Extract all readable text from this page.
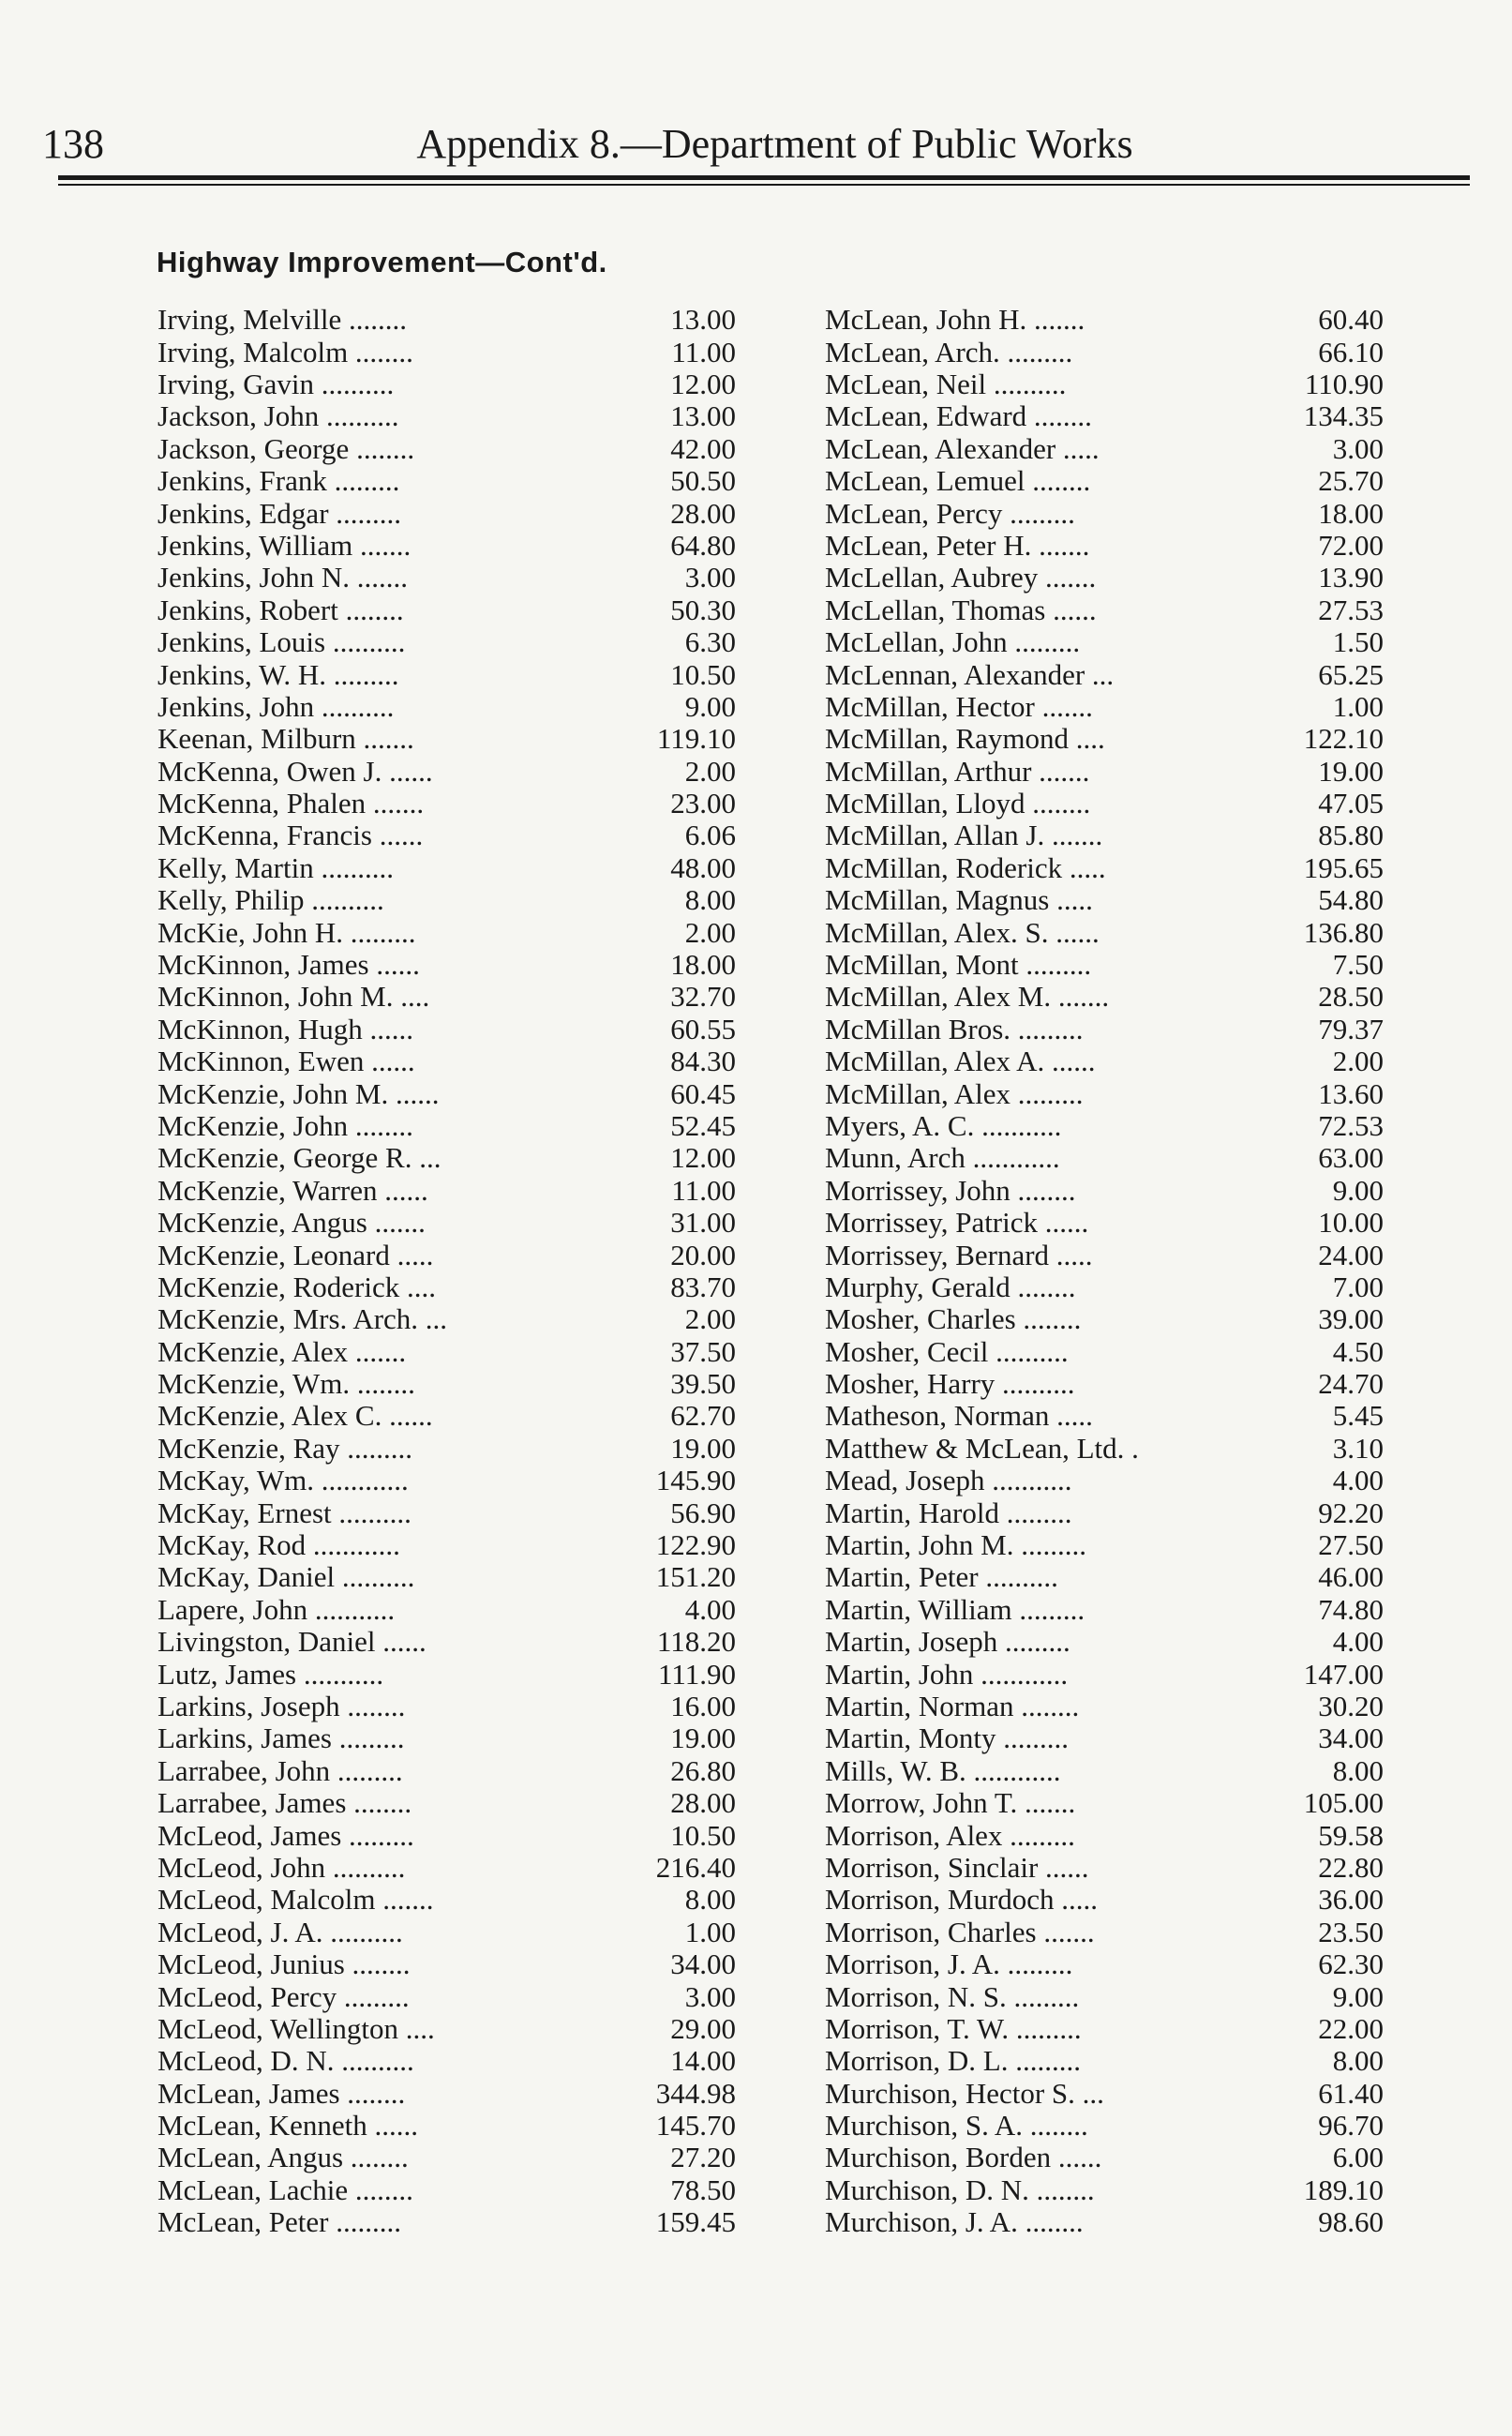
138	Appendix 8.—Department of Public Works
Highway Improvement—Cont'd.
Irving, Melville ........	13.00
Irving, Malcolm ........	11.00
Irving, Gavin ..........	12.00
Jackson, John ..........	13.00
Jackson, George ........	42.00
Jenkins, Frank .........	50.50
Jenkins, Edgar .........	28.00
Jenkins, William .......	64.80
Jenkins, John N. .......	3.00
Jenkins, Robert ........	50.30
Jenkins, Louis ..........	6.30
Jenkins, W. H. .........	10.50
Jenkins, John ..........	9.00
Keenan, Milburn .......	119.10
McKenna, Owen J. ......	2.00
McKenna, Phalen .......	23.00
McKenna, Francis ......	6.06
Kelly, Martin ..........	48.00
Kelly, Philip ..........	8.00
McKie, John H. .........	2.00
McKinnon, James ......	18.00
McKinnon, John M. ....	32.70
McKinnon, Hugh ......	60.55
McKinnon, Ewen ......	84.30
McKenzie, John M. ......	60.45
McKenzie, John ........	52.45
McKenzie, George R. ...	12.00
McKenzie, Warren ......	11.00
McKenzie, Angus .......	31.00
McKenzie, Leonard .....	20.00
McKenzie, Roderick ....	83.70
McKenzie, Mrs. Arch. ...	2.00
McKenzie, Alex .......	37.50
McKenzie, Wm. ........	39.50
McKenzie, Alex C. ......	62.70
McKenzie, Ray .........	19.00
McKay, Wm. ............	145.90
McKay, Ernest ..........	56.90
McKay, Rod ............	122.90
McKay, Daniel ..........	151.20
Lapere, John ...........	4.00
Livingston, Daniel ......	118.20
Lutz, James ...........	111.90
Larkins, Joseph ........	16.00
Larkins, James .........	19.00
Larrabee, John .........	26.80
Larrabee, James ........	28.00
McLeod, James .........	10.50
McLeod, John ..........	216.40
McLeod, Malcolm .......	8.00
McLeod, J. A. ..........	1.00
McLeod, Junius ........	34.00
McLeod, Percy .........	3.00
McLeod, Wellington ....	29.00
McLeod, D. N. ..........	14.00
McLean, James ........	344.98
McLean, Kenneth ......	145.70
McLean, Angus ........	27.20
McLean, Lachie ........	78.50
McLean, Peter .........	159.45
McLean, John H. .......	60.40
McLean, Arch. .........	66.10
McLean, Neil ..........	110.90
McLean, Edward ........	134.35
McLean, Alexander .....	3.00
McLean, Lemuel ........	25.70
McLean, Percy .........	18.00
McLean, Peter H. .......	72.00
McLellan, Aubrey .......	13.90
McLellan, Thomas ......	27.53
McLellan, John .........	1.50
McLennan, Alexander ...	65.25
McMillan, Hector .......	1.00
McMillan, Raymond ....	122.10
McMillan, Arthur .......	19.00
McMillan, Lloyd ........	47.05
McMillan, Allan J. .......	85.80
McMillan, Roderick .....	195.65
McMillan, Magnus .....	54.80
McMillan, Alex. S. ......	136.80
McMillan, Mont .........	7.50
McMillan, Alex M. .......	28.50
McMillan Bros. .........	79.37
McMillan, Alex A. ......	2.00
McMillan, Alex .........	13.60
Myers, A. C. ...........	72.53
Munn, Arch ............	63.00
Morrissey, John ........	9.00
Morrissey, Patrick ......	10.00
Morrissey, Bernard .....	24.00
Murphy, Gerald ........	7.00
Mosher, Charles ........	39.00
Mosher, Cecil ..........	4.50
Mosher, Harry ..........	24.70
Matheson, Norman .....	5.45
Matthew & McLean, Ltd. .	3.10
Mead, Joseph ...........	4.00
Martin, Harold .........	92.20
Martin, John M. .........	27.50
Martin, Peter ..........	46.00
Martin, William .........	74.80
Martin, Joseph .........	4.00
Martin, John ............	147.00
Martin, Norman ........	30.20
Martin, Monty .........	34.00
Mills, W. B. ............	8.00
Morrow, John T. .......	105.00
Morrison, Alex .........	59.58
Morrison, Sinclair ......	22.80
Morrison, Murdoch .....	36.00
Morrison, Charles .......	23.50
Morrison, J. A. .........	62.30
Morrison, N. S. .........	9.00
Morrison, T. W. .........	22.00
Morrison, D. L. .........	8.00
Murchison, Hector S. ...	61.40
Murchison, S. A. ........	96.70
Murchison, Borden ......	6.00
Murchison, D. N. ........	189.10
Murchison, J. A. ........	98.60
